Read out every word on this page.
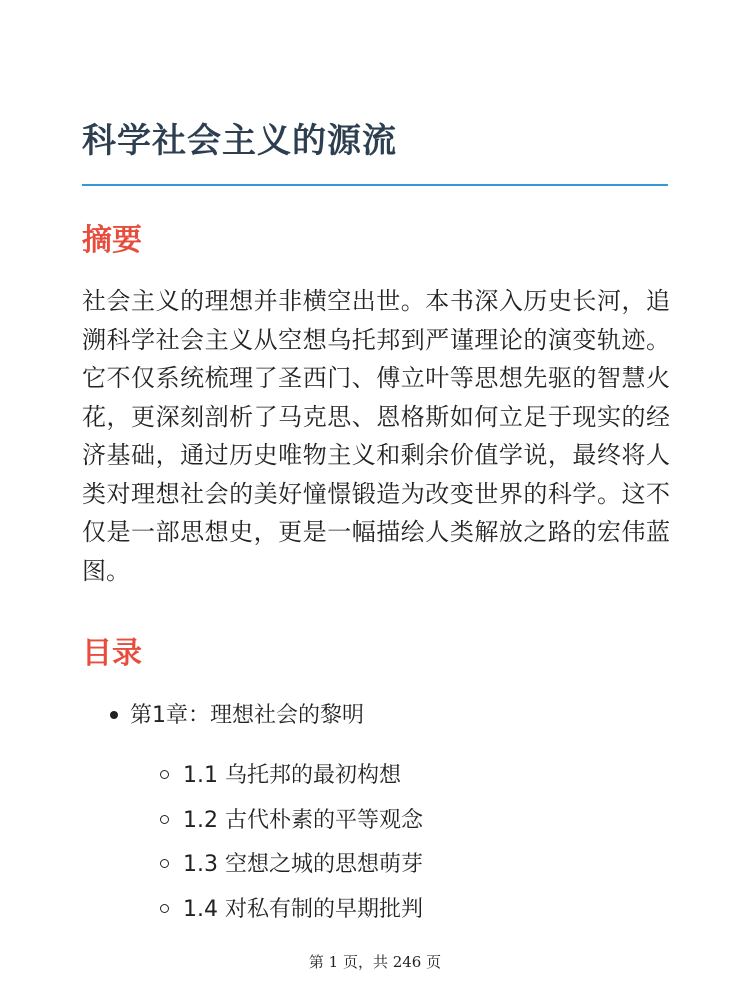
科学社会主义的源流
摘要

社会主义的理想并非横空出世。本书深入历史长河，追溯科学社会主义从空想乌托邦到严谨理论的演变轨迹。它不仅系统梳理了圣西门、傅立叶等思想先驱的智慧火花，更深刻剖析了马克思、恩格斯如何立足于现实的经济基础，通过历史唯物主义和剩余价值学说，最终将人类对理想社会的美好憧憬锻造为改变世界的科学。这不仅是一部思想史，更是一幅描绘人类解放之路的宏伟蓝图。

目录
第1章：理想社会的黎明
1.1 乌托邦的最初构想
1.2 古代朴素的平等观念
1.3 空想之城的思想萌芽
1.4 对私有制的早期批判
第 1 页，共 246 页
